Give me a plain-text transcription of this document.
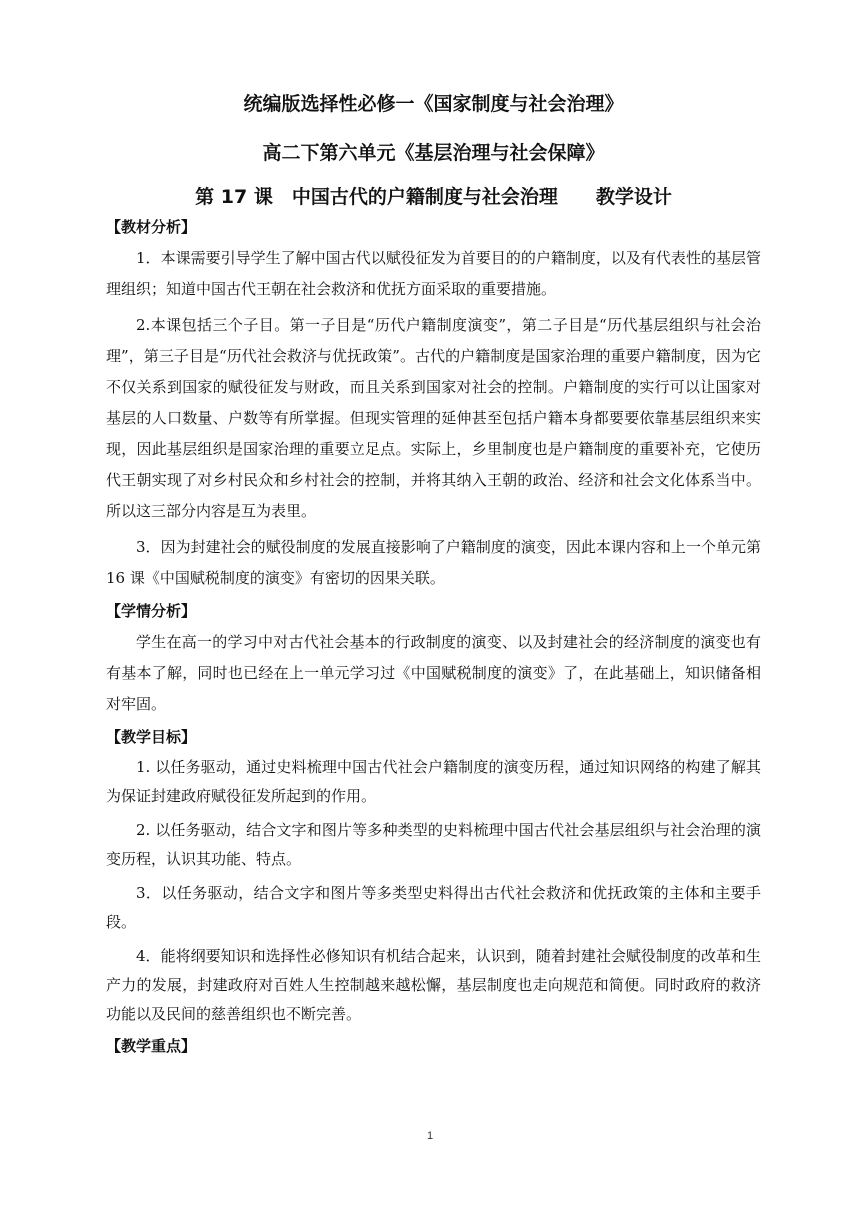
统编版选择性必修一《国家制度与社会治理》

高二下第六单元《基层治理与社会保障》

第 17 课　中国古代的户籍制度与社会治理　　教学设计

【教材分析】

1．本课需要引导学生了解中国古代以赋役征发为首要目的的户籍制度，以及有代表性的基层管理组织；知道中国古代王朝在社会救济和优抚方面采取的重要措施。

2.本课包括三个子目。第一子目是“历代户籍制度演变”，第二子目是“历代基层组织与社会治理”，第三子目是“历代社会救济与优抚政策”。古代的户籍制度是国家治理的重要户籍制度，因为它不仅关系到国家的赋役征发与财政，而且关系到国家对社会的控制。户籍制度的实行可以让国家对基层的人口数量、户数等有所掌握。但现实管理的延伸甚至包括户籍本身都要要依靠基层组织来实现，因此基层组织是国家治理的重要立足点。实际上，乡里制度也是户籍制度的重要补充，它使历代王朝实现了对乡村民众和乡村社会的控制，并将其纳入王朝的政治、经济和社会文化体系当中。所以这三部分内容是互为表里。

3．因为封建社会的赋役制度的发展直接影响了户籍制度的演变，因此本课内容和上一个单元第 16 课《中国赋税制度的演变》有密切的因果关联。

【学情分析】

学生在高一的学习中对古代社会基本的行政制度的演变、以及封建社会的经济制度的演变也有有基本了解，同时也已经在上一单元学习过《中国赋税制度的演变》了，在此基础上，知识储备相对牢固。

【教学目标】

1. 以任务驱动，通过史料梳理中国古代社会户籍制度的演变历程，通过知识网络的构建了解其为保证封建政府赋役征发所起到的作用。

2. 以任务驱动，结合文字和图片等多种类型的史料梳理中国古代社会基层组织与社会治理的演变历程，认识其功能、特点。

3．以任务驱动，结合文字和图片等多类型史料得出古代社会救济和优抚政策的主体和主要手段。

4．能将纲要知识和选择性必修知识有机结合起来，认识到，随着封建社会赋役制度的改革和生产力的发展，封建政府对百姓人生控制越来越松懈，基层制度也走向规范和简便。同时政府的救济功能以及民间的慈善组织也不断完善。

【教学重点】

1
